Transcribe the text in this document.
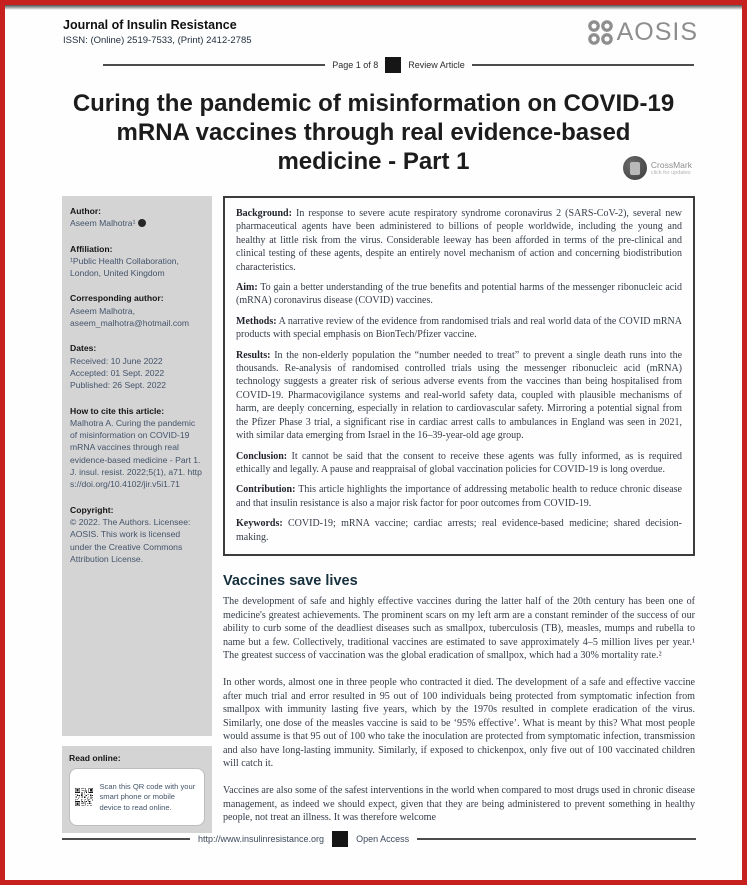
Journal of Insulin Resistance
ISSN: (Online) 2519-7533, (Print) 2412-2785	AOSIS
Page 1 of 8	Review Article
Curing the pandemic of misinformation on COVID-19 mRNA vaccines through real evidence-based medicine - Part 1	CrossMark
click for updates
Author:
Aseem Malhotra¹
Affiliation:
¹Public Health Collaboration, London, United Kingdom
Corresponding author:
Aseem Malhotra,
aseem_malhotra@hotmail.com
Dates:
Received: 10 June 2022
Accepted: 01 Sept. 2022
Published: 26 Sept. 2022
How to cite this article:
Malhotra A. Curing the pandemic of misinformation on COVID-19 mRNA vaccines through real evidence-based medicine - Part 1. J. insul. resist. 2022;5(1), a71. https://doi.org/10.4102/jir.v5i1.71
Copyright:
© 2022. The Authors. Licensee: AOSIS. This work is licensed under the Creative Commons Attribution License.
Read online:
Scan this QR code with your smart phone or mobile device to read online.

Background: In response to severe acute respiratory syndrome coronavirus 2 (SARS-CoV-2), several new pharmaceutical agents have been administered to billions of people worldwide, including the young and healthy at little risk from the virus. Considerable leeway has been afforded in terms of the pre-clinical and clinical testing of these agents, despite an entirely novel mechanism of action and concerning biodistribution characteristics.

Aim: To gain a better understanding of the true benefits and potential harms of the messenger ribonucleic acid (mRNA) coronavirus disease (COVID) vaccines.

Methods: A narrative review of the evidence from randomised trials and real world data of the COVID mRNA products with special emphasis on BionTech/Pfizer vaccine.

Results: In the non-elderly population the “number needed to treat” to prevent a single death runs into the thousands. Re-analysis of randomised controlled trials using the messenger ribonucleic acid (mRNA) technology suggests a greater risk of serious adverse events from the vaccines than being hospitalised from COVID-19. Pharmacovigilance systems and real-world safety data, coupled with plausible mechanisms of harm, are deeply concerning, especially in relation to cardiovascular safety. Mirroring a potential signal from the Pfizer Phase 3 trial, a significant rise in cardiac arrest calls to ambulances in England was seen in 2021, with similar data emerging from Israel in the 16–39-year-old age group.

Conclusion: It cannot be said that the consent to receive these agents was fully informed, as is required ethically and legally. A pause and reappraisal of global vaccination policies for COVID-19 is long overdue.

Contribution: This article highlights the importance of addressing metabolic health to reduce chronic disease and that insulin resistance is also a major risk factor for poor outcomes from COVID-19.

Keywords: COVID-19; mRNA vaccine; cardiac arrests; real evidence-based medicine; shared decision-making.

Vaccines save lives

The development of safe and highly effective vaccines during the latter half of the 20th century has been one of medicine's greatest achievements. The prominent scars on my left arm are a constant reminder of the success of our ability to curb some of the deadliest diseases such as smallpox, tuberculosis (TB), measles, mumps and rubella to name but a few. Collectively, traditional vaccines are estimated to save approximately 4–5 million lives per year.¹ The greatest success of vaccination was the global eradication of smallpox, which had a 30% mortality rate.²

In other words, almost one in three people who contracted it died. The development of a safe and effective vaccine after much trial and error resulted in 95 out of 100 individuals being protected from symptomatic infection from smallpox with immunity lasting five years, which by the 1970s resulted in complete eradication of the virus. Similarly, one dose of the measles vaccine is said to be ‘95% effective’. What is meant by this? What most people would assume is that 95 out of 100 who take the inoculation are protected from symptomatic infection, transmission and also have long-lasting immunity. Similarly, if exposed to chickenpox, only five out of 100 vaccinated children will catch it.

Vaccines are also some of the safest interventions in the world when compared to most drugs used in chronic disease management, as indeed we should expect, given that they are being administered to prevent something in healthy people, not treat an illness. It was therefore welcome

http://www.insulinresistance.org	Open Access
